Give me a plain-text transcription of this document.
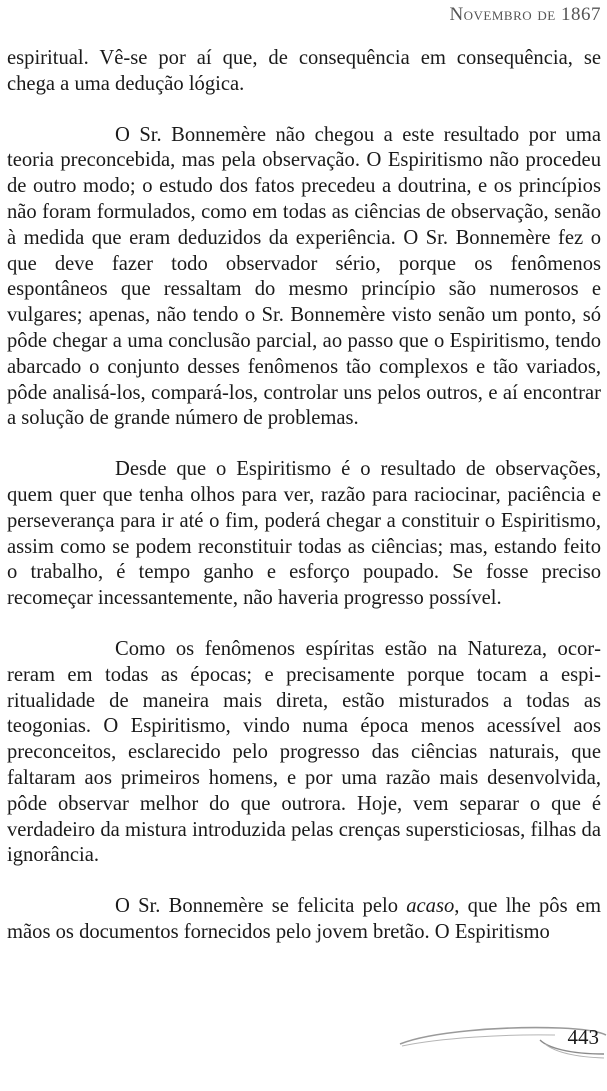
Novembro de 1867

espiritual. Vê-se por aí que, de consequência em consequência, se chega a uma dedução lógica.

O Sr. Bonnemère não chegou a este resultado por uma teoria preconcebida, mas pela observação. O Espiritismo não procedeu de outro modo; o estudo dos fatos precedeu a doutrina, e os princípios não foram formulados, como em todas as ciências de observação, senão à medida que eram deduzidos da experiência. O Sr. Bonnemère fez o que deve fazer todo observador sério, porque os fenômenos espontâneos que ressaltam do mesmo princípio são numerosos e vulgares; apenas, não tendo o Sr. Bonnemère visto senão um ponto, só pôde chegar a uma conclusão parcial, ao passo que o Espiritismo, tendo abarcado o conjunto desses fenômenos tão complexos e tão variados, pôde analisá-los, compará-los, controlar uns pelos outros, e aí encontrar a solução de grande número de problemas.

Desde que o Espiritismo é o resultado de observações, quem quer que tenha olhos para ver, razão para raciocinar, paciência e perseverança para ir até o fim, poderá chegar a constituir o Espiritismo, assim como se podem reconstituir todas as ciências; mas, estando feito o trabalho, é tempo ganho e esforço poupado. Se fosse preciso recomeçar incessantemente, não haveria progresso possível.

Como os fenômenos espíritas estão na Natureza, ocorreram em todas as épocas; e precisamente porque tocam a espiritualidade de maneira mais direta, estão misturados a todas as teogonias. O Espiritismo, vindo numa época menos acessível aos preconceitos, esclarecido pelo progresso das ciências naturais, que faltaram aos primeiros homens, e por uma razão mais desenvolvida, pôde observar melhor do que outrora. Hoje, vem separar o que é verdadeiro da mistura introduzida pelas crenças supersticiosas, filhas da ignorância.

O Sr. Bonnemère se felicita pelo acaso, que lhe pôs em mãos os documentos fornecidos pelo jovem bretão. O Espiritismo

443
